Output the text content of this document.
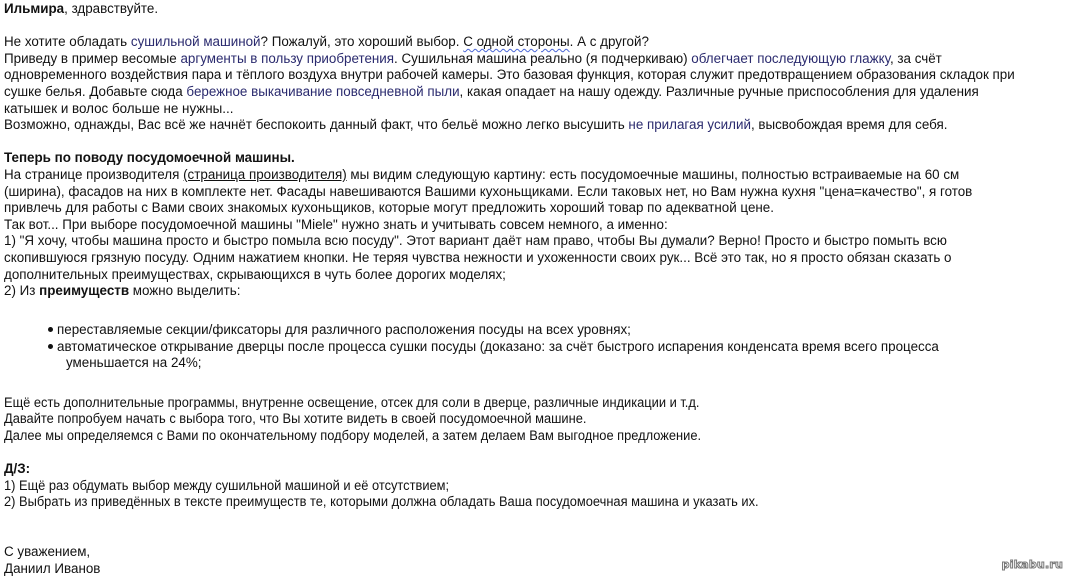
Ильмира, здравствуйте.
Не хотите обладать сушильной машиной? Пожалуй, это хороший выбор. С одной стороны. А с другой?
Приведу в пример весомые аргументы в пользу приобретения. Сушильная машина реально (я подчеркиваю) облегчает последующую глажку, за счёт
одновременного воздействия пара и тёплого воздуха внутри рабочей камеры. Это базовая функция, которая служит предотвращением образования складок при
сушке белья. Добавьте сюда бережное выкачивание повседневной пыли, какая опадает на нашу одежду. Различные ручные приспособления для удаления
катышек и волос больше не нужны...
Возможно, однажды, Вас всё же начнёт беспокоить данный факт, что бельё можно легко высушить не прилагая усилий, высвобождая время для себя.
Теперь по поводу посудомоечной машины.
На странице производителя (страница производителя) мы видим следующую картину: есть посудомоечные машины, полностью встраиваемые на 60 см
(ширина), фасадов на них в комплекте нет. Фасады навешиваются Вашими кухоньщиками. Если таковых нет, но Вам нужна кухня "цена=качество", я готов
привлечь для работы с Вами своих знакомых кухоньщиков, которые могут предложить хороший товар по адекватной цене.
Так вот... При выборе посудомоечной машины "Miele" нужно знать и учитывать совсем немного, а именно:
1) "Я хочу, чтобы машина просто и быстро помыла всю посуду". Этот вариант даёт нам право, чтобы Вы думали? Верно! Просто и быстро помыть всю
скопившуюся грязную посуду. Одним нажатием кнопки. Не теряя чувства нежности и ухоженности своих рук... Всё это так, но я просто обязан сказать о
дополнительных преимуществах, скрывающихся в чуть более дорогих моделях;
2) Из преимуществ можно выделить:
переставляемые секции/фиксаторы для различного расположения посуды на всех уровнях;
автоматическое открывание дверцы после процесса сушки посуды (доказано: за счёт быстрого испарения конденсата время всего процесса
уменьшается на 24%;
Ещё есть дополнительные программы, внутренне освещение, отсек для соли в дверце, различные индикации и т.д.
Давайте попробуем начать с выбора того, что Вы хотите видеть в своей посудомоечной машине.
Далее мы определяемся с Вами по окончательному подбору моделей, а затем делаем Вам выгодное предложение.
Д/З:
1) Ещё раз обдумать выбор между сушильной машиной и её отсутствием;
2) Выбрать из приведённых в тексте преимуществ те, которыми должна обладать Ваша посудомоечная машина и указать их.
С уважением,
Даниил Иванов	pikabu.ru
